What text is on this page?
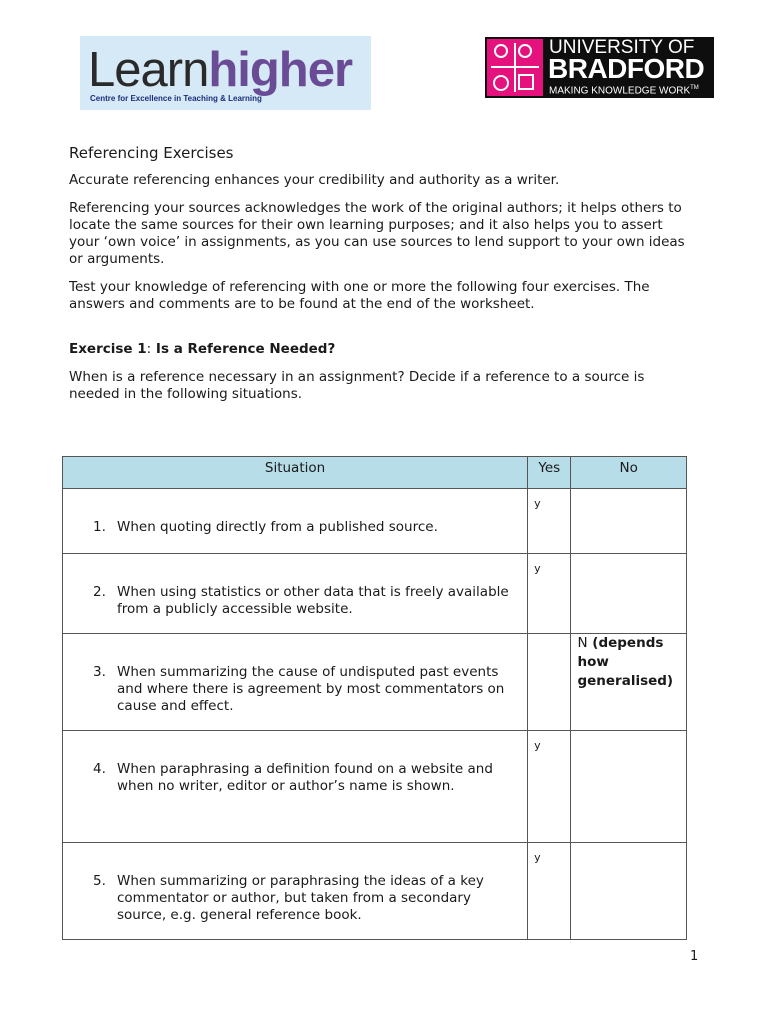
Learnhigher
Centre for Excellence in Teaching & Learning
UNIVERSITY OF
BRADFORD
MAKING KNOWLEDGE WORK™
Referencing Exercises

Accurate referencing enhances your credibility and authority as a writer.

Referencing your sources acknowledges the work of the original authors; it helps others to locate the same sources for their own learning purposes; and it also helps you to assert your ‘own voice’ in assignments, as you can use sources to lend support to your own ideas or arguments.

Test your knowledge of referencing with one or more the following four exercises. The answers and comments are to be found at the end of the worksheet.

Exercise 1: Is a Reference Needed?

When is a reference necessary in an assignment? Decide if a reference to a source is needed in the following situations.

Situation	Yes	No

1. When quoting directly from a published source.	y	

2. When using statistics or other data that is freely available from a publicly accessible website.	y	

3. When summarizing the cause of undisputed past events and where there is agreement by most commentators on cause and effect.		N (depends how generalised)

4. When paraphrasing a definition found on a website and when no writer, editor or author’s name is shown.	y	

5. When summarizing or paraphrasing the ideas of a key commentator or author, but taken from a secondary source, e.g. general reference book.	y	

1
